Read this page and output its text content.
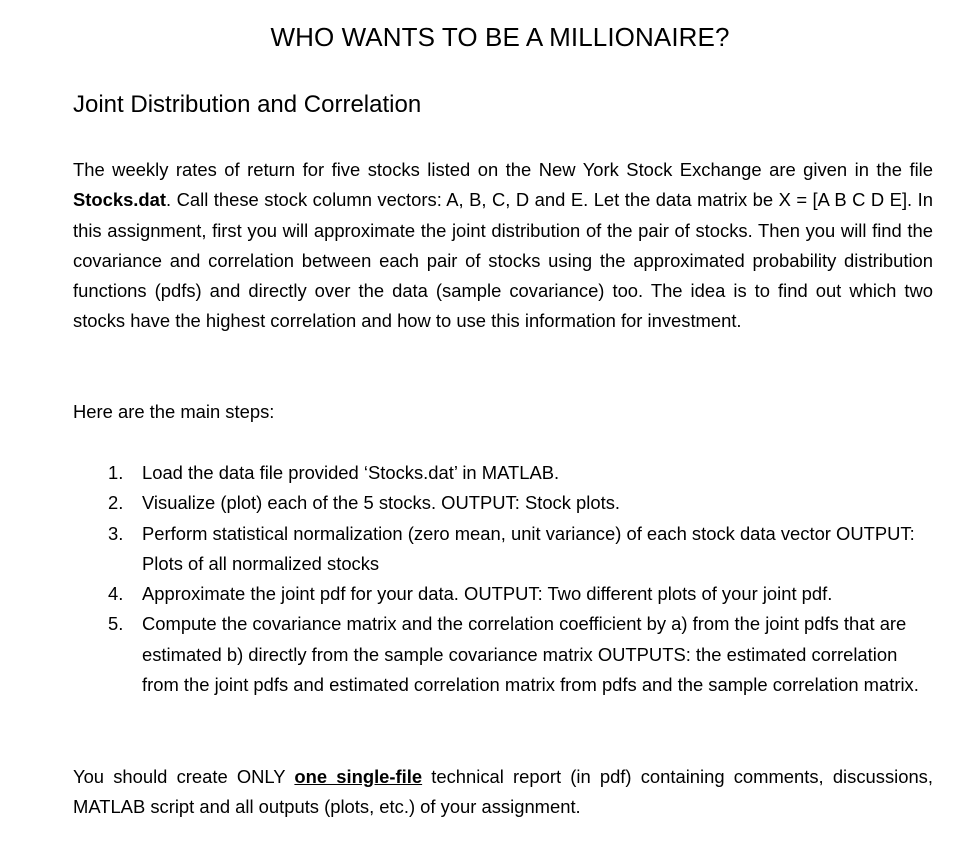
WHO WANTS TO BE A MILLIONAIRE?
Joint Distribution and Correlation

The weekly rates of return for five stocks listed on the New York Stock Exchange are given in the file Stocks.dat. Call these stock column vectors: A, B, C, D and E. Let the data matrix be X = [A B C D E]. In this assignment, first you will approximate the joint distribution of the pair of stocks. Then you will find the covariance and correlation between each pair of stocks using the approximated probability distribution functions (pdfs) and directly over the data (sample covariance) too. The idea is to find out which two stocks have the highest correlation and how to use this information for investment.

Here are the main steps:

1. Load the data file provided ‘Stocks.dat’ in MATLAB.
2. Visualize (plot) each of the 5 stocks. OUTPUT: Stock plots.
3. Perform statistical normalization (zero mean, unit variance) of each stock data vector OUTPUT: Plots of all normalized stocks
4. Approximate the joint pdf for your data. OUTPUT: Two different plots of your joint pdf.
5. Compute the covariance matrix and the correlation coefficient by a) from the joint pdfs that are estimated b) directly from the sample covariance matrix OUTPUTS: the estimated correlation from the joint pdfs and estimated correlation matrix from pdfs and the sample correlation matrix.

You should create ONLY one single-file technical report (in pdf) containing comments, discussions, MATLAB script and all outputs (plots, etc.) of your assignment.
